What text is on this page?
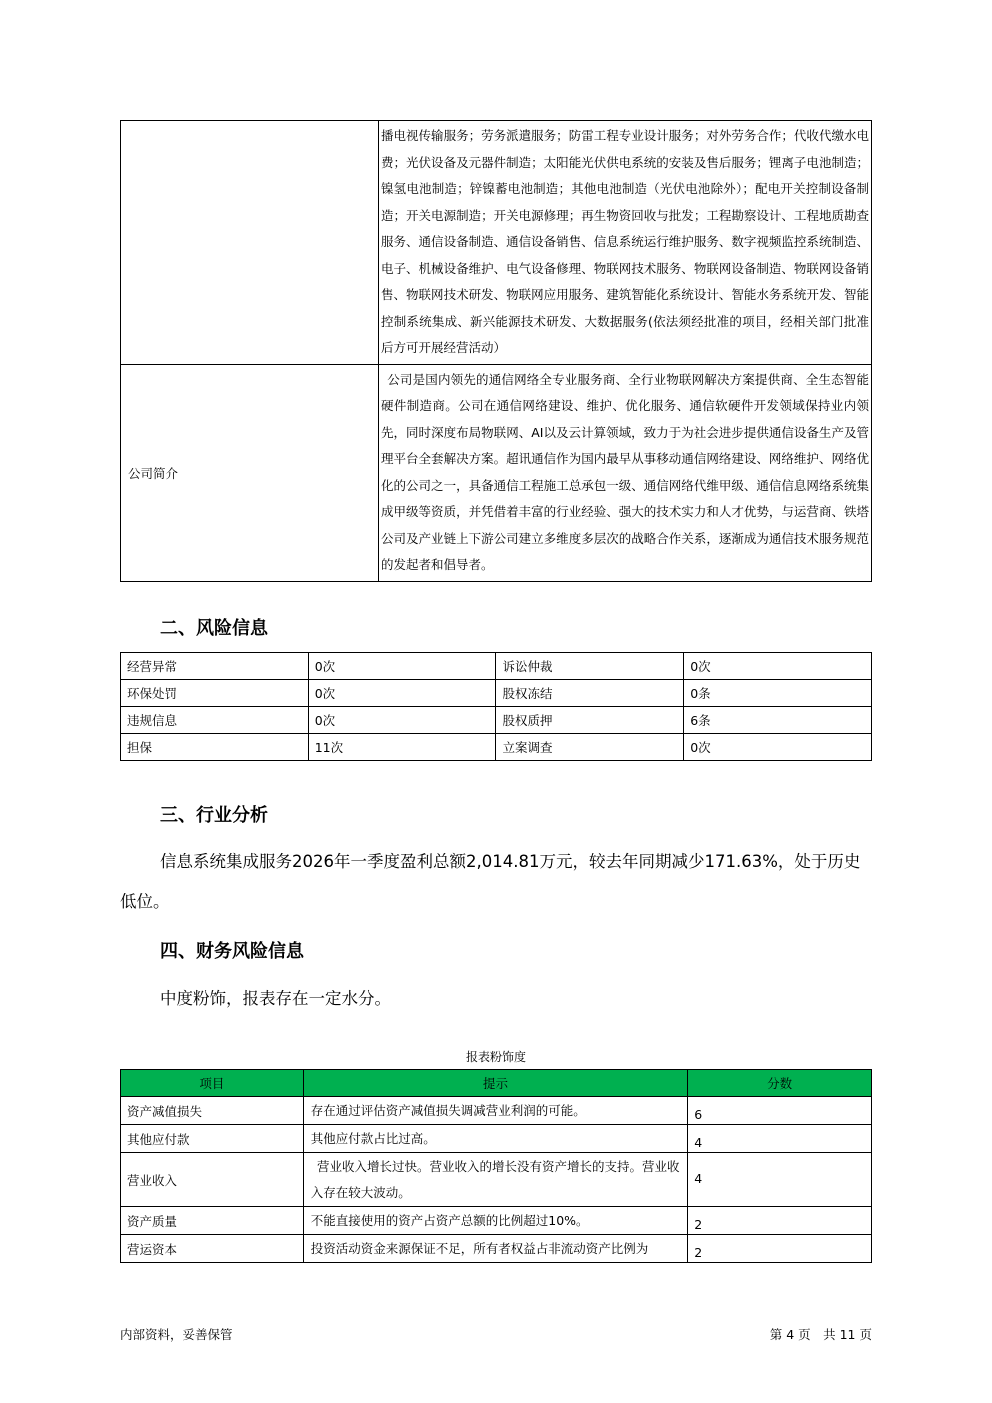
	播电视传输服务；劳务派遣服务；防雷工程专业设计服务；对外劳务合作；代收代缴水电费；光伏设备及元器件制造；太阳能光伏供电系统的安装及售后服务；锂离子电池制造；镍氢电池制造；锌镍蓄电池制造；其他电池制造（光伏电池除外）；配电开关控制设备制造；开关电源制造；开关电源修理；再生物资回收与批发；工程勘察设计、工程地质勘查服务、通信设备制造、通信设备销售、信息系统运行维护服务、数字视频监控系统制造、电子、机械设备维护、电气设备修理、物联网技术服务、物联网设备制造、物联网设备销售、物联网技术研发、物联网应用服务、建筑智能化系统设计、智能水务系统开发、智能控制系统集成、新兴能源技术研发、大数据服务(依法须经批准的项目，经相关部门批准后方可开展经营活动）
公司简介	公司是国内领先的通信网络全专业服务商、全行业物联网解决方案提供商、全生态智能硬件制造商。公司在通信网络建设、维护、优化服务、通信软硬件开发领域保持业内领先，同时深度布局物联网、AI以及云计算领域，致力于为社会进步提供通信设备生产及管理平台全套解决方案。超讯通信作为国内最早从事移动通信网络建设、网络维护、网络优化的公司之一，具备通信工程施工总承包一级、通信网络代维甲级、通信信息网络系统集成甲级等资质，并凭借着丰富的行业经验、强大的技术实力和人才优势，与运营商、铁塔公司及产业链上下游公司建立多维度多层次的战略合作关系，逐渐成为通信技术服务规范的发起者和倡导者。
二、风险信息
经营异常	0次	诉讼仲裁	0次
环保处罚	0次	股权冻结	0条
违规信息	0次	股权质押	6条
担保	11次	立案调查	0次
三、行业分析
信息系统集成服务2026年一季度盈利总额2,014.81万元，较去年同期减少171.63%，处于历史低位。
四、财务风险信息
中度粉饰，报表存在一定水分。
报表粉饰度
项目	提示	分数
资产减值损失	存在通过评估资产减值损失调减营业利润的可能。	6
其他应付款	其他应付款占比过高。	4
营业收入	营业收入增长过快。营业收入的增长没有资产增长的支持。营业收入存在较大波动。	4
资产质量	不能直接使用的资产占资产总额的比例超过10%。	2
营运资本	投资活动资金来源保证不足，所有者权益占非流动资产比例为	2
内部资料，妥善保管	第 4 页　共 11 页
